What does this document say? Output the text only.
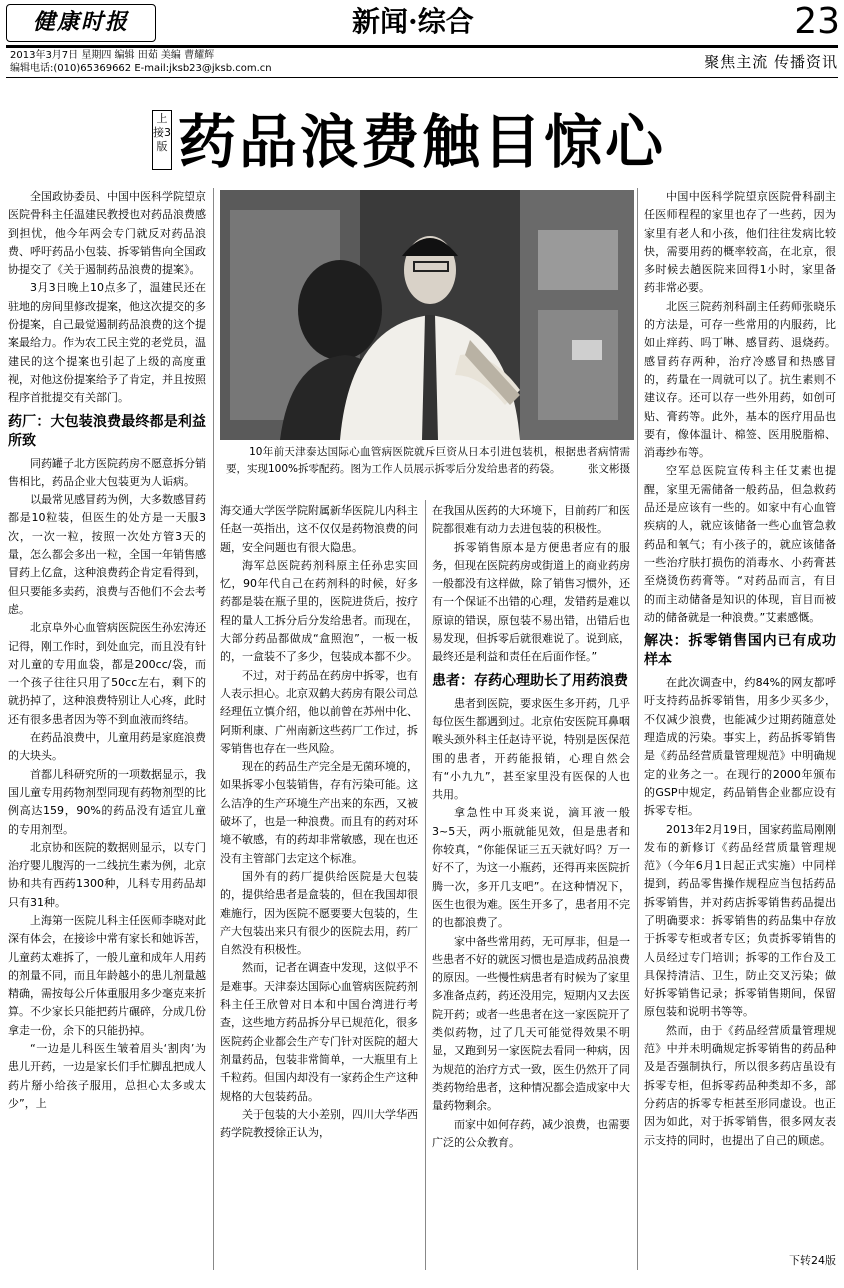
健康时报	新闻·综合	23
2013年3月7日 星期四 编辑 田茹 美编 曹耀辉
编辑电话:(010)65369662 E-mail:jksb23@jksb.com.cn	聚焦主流 传播资讯
上接3版 药品浪费触目惊心
10年前天津泰达国际心血管病医院就斥巨资从日本引进包装机，根据患者病情需要，实现100%拆零配药。图为工作人员展示拆零后分发给患者的药袋。	张文彬摄

全国政协委员、中国中医科学院望京医院骨科主任温建民教授也对药品浪费感到担忧，他今年两会专门就反对药品浪费、呼吁药品小包装、拆零销售向全国政协提交了《关于遏制药品浪费的提案》。

3月3日晚上10点多了，温建民还在驻地的房间里修改提案，他这次提交的多份提案，自己最觉遏制药品浪费的这个提案最给力。作为农工民主党的老党员，温建民的这个提案也引起了上级的高度重视，对他这份提案给予了肯定，并且按照程序首批提交有关部门。

药厂：大包装浪费最终都是利益所致

同药罐子北方医院药房不愿意拆分销售相比，药品企业大包装更为人诟病。

以最常见感冒药为例，大多数感冒药都是10粒装，但医生的处方是一天服3次，一次一粒，按照一次处方管3天的量，怎么都会多出一粒，全国一年销售感冒药上亿盒，这种浪费药企肯定看得到，但只要能多卖药，浪费与否他们不会去考虑。

北京阜外心血管病医院医生孙宏涛还记得，刚工作时，到处血完，而且没有针对儿童的专用血袋，都是200cc/袋，而一个孩子往往只用了50cc左右，剩下的就扔掉了，这种浪费特别让人心疼，此时还有很多患者因为等不到血液而终结。

在药品浪费中，儿童用药是家庭浪费的大块头。

首都儿科研究所的一项数据显示，我国儿童专用药物剂型同现有药物剂型的比例高达159，90%的药品没有适宜儿童的专用剂型。

北京协和医院的数据则显示，以专门治疗婴儿腹泻的一二线抗生素为例，北京协和共有西药1300种，儿科专用药品却只有31种。

上海第一医院儿科主任医师李晓对此深有体会，在接诊中常有家长和她诉苦，儿童药太难拆了，一般儿童和成年人用药的剂量不同，而且年龄越小的患儿剂量越精确，需按每公斤体重服用多少毫克来折算。不少家长只能把药片碾碎，分成几份拿走一份，余下的只能扔掉。

“一边是儿科医生皱着眉头‘割肉’为患儿开药，一边是家长们手忙脚乱把成人药片掰小给孩子服用，总担心太多或太少”，上

海交通大学医学院附属新华医院儿内科主任赵一英指出，这不仅仅是药物浪费的问题，安全问题也有很大隐患。

海军总医院药剂科原主任孙忠实回忆，90年代自己在药剂科的时候，好多药都是装在瓶子里的，医院进货后，按疗程的量人工拆分后分发给患者。而现在，大部分药品都做成“盒照泡”，一板一板的，一盒装不了多少，包装成本都不少。

不过，对于药品在药房中拆零，也有人表示担心。北京双鹤大药房有限公司总经理伍立慎介绍，他以前曾在苏州中化、阿斯利康、广州南新这些药厂工作过，拆零销售也存在一些风险。

现在的药品生产完全是无菌环境的，如果拆零小包装销售，存有污染可能。这么洁净的生产环境生产出来的东西，又被破坏了，也是一种浪费。而且有的药对环境不敏感，有的药却非常敏感，现在也还没有主管部门去定这个标准。

国外有的药厂提供给医院是大包装的，提供给患者是盒装的，但在我国却很难施行，因为医院不愿要要大包装的，生产大包装出来只有很少的医院去用，药厂自然没有积极性。

然而，记者在调查中发现，这似乎不是难事。天津泰达国际心血管病医院药剂科主任王欣曾对日本和中国台湾进行考查，这些地方药品拆分早已规范化，很多医院药企业都会生产专门针对医院的超大剂量药品，包装非常简单，一大瓶里有上千粒药。但国内却没有一家药企生产这种规格的大包装药品。

关于包装的大小差别，四川大学华西药学院教授徐正认为，

在我国从医药的大环境下，目前药厂和医院都很难有动力去进包装的积极性。

拆零销售原本是方便患者应有的服务，但现在医院药房或街道上的商业药房一般都没有这样做，除了销售习惯外，还有一个保证不出错的心理，发错药是难以原谅的错误，原包装不易出错，出错后也易发现，但拆零后就很难说了。说到底，最终还是利益和责任在后面作怪。”

患者：存药心理助长了用药浪费

患者到医院，要求医生多开药，几乎每位医生都遇到过。北京佑安医院耳鼻咽喉头颈外科主任赵诗平说，特别是医保范围的患者，开药能报销，心理自然会有“小九九”，甚至家里没有医保的人也共用。

拿急性中耳炎来说，滴耳液一般3~5天，两小瓶就能见效，但是患者和你较真，“你能保证三五天就好吗？万一好不了，为这一小瓶药，还得再来医院折腾一次，多开几支吧”。在这种情况下，医生也很为难。医生开多了，患者用不完的也都浪费了。

家中备些常用药，无可厚非，但是一些患者不好的就医习惯也是造成药品浪费的原因。一些慢性病患者有时候为了家里多准备点药，药还没用完，短期内又去医院开药；或者一些患者在这一家医院开了类似药物，过了几天可能觉得效果不明显，又跑到另一家医院去看同一种病，因为规范的治疗方式一致，医生仍然开了同类药物给患者，这种情况都会造成家中大量药物剩余。

而家中如何存药，减少浪费，也需要广泛的公众教育。

中国中医科学院望京医院骨科副主任医师程程的家里也存了一些药，因为家里有老人和小孩，他们往往发病比较快，需要用药的概率较高，在北京，很多时候去趟医院来回得1小时，家里备药非常必要。

北医三院药剂科副主任药师张晓乐的方法是，可存一些常用的内服药，比如止痒药、吗丁啉、感冒药、退烧药。感冒药存两种，治疗冷感冒和热感冒的，药量在一周就可以了。抗生素则不建议存。还可以存一些外用药，如创可贴、膏药等。此外，基本的医疗用品也要有，像体温计、棉签、医用脱脂棉、消毒纱布等。

空军总医院宣传科主任艾素也提醒，家里无需储备一般药品，但急救药品还是应该有一些的。如家中有心血管疾病的人，就应该储备一些心血管急救药品和氧气；有小孩子的，就应该储备一些治疗肤打损伤的消毒水、小药膏甚至烧烫伤药膏等。“对药品而言，有目的而主动储备是知识的体现，盲目而被动的储备就是一种浪费。”艾素感慨。

解决：拆零销售国内已有成功样本

在此次调查中，约84%的网友都呼吁支持药品拆零销售，用多少买多少，不仅减少浪费，也能减少过期药随意处理造成的污染。事实上，药品拆零销售是《药品经营质量管理规范》中明确规定的业务之一。在现行的2000年颁布的GSP中规定，药品销售企业都应设有拆零专柜。

2013年2月19日，国家药监局刚刚发布的新修订《药品经营质量管理规范》（今年6月1日起正式实施）中同样提到，药品零售操作规程应当包括药品拆零销售，并对药店拆零销售药品提出了明确要求：拆零销售的药品集中存放于拆零专柜或者专区；负责拆零销售的人员经过专门培训；拆零的工作台及工具保持清洁、卫生，防止交叉污染；做好拆零销售记录；拆零销售期间，保留原包装和说明书等等。

然而，由于《药品经营质量管理规范》中并未明确规定拆零销售的药品种及是否强制执行，所以很多药店虽设有拆零专柜，但拆零药品种类却不多，部分药店的拆零专柜甚至形同虚设。也正因为如此，对于拆零销售，很多网友表示支持的同时，也提出了自己的顾虑。

下转24版
